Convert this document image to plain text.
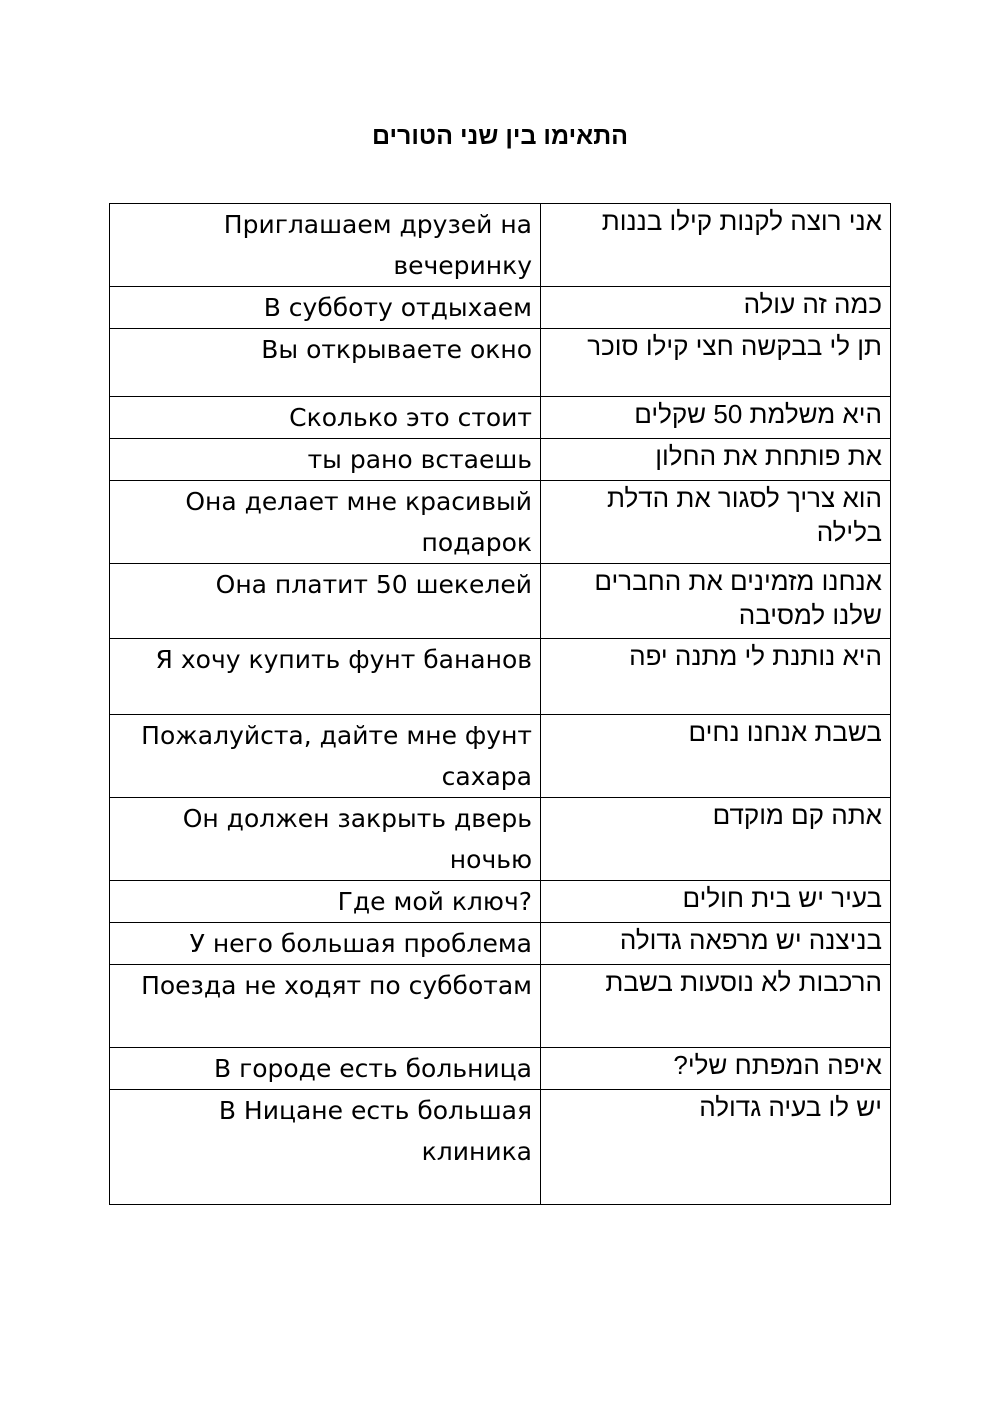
התאימו בין שני הטורים
Приглашаем друзей на вечеринку	אני רוצה לקנות קילו בננות
В субботу отдыхаем	כמה זה עולה
Вы открываете окно	תן לי בבקשה חצי קילו סוכר
Сколько это стоит	היא משלמת 50 שקלים
ты рано встаешь	את פותחת את החלון
Она делает мне красивый подарок	הוא צריך לסגור את הדלת בלילה
Она платит 50 шекелей	אנחנו מזמינים את החברים שלנו למסיבה
Я хочу купить фунт бананов	היא נותנת לי מתנה יפה
Пожалуйста, дайте мне фунт сахара	בשבת אנחנו נחים
Он должен закрыть дверь ночью	אתה קם מוקדם
Где мой ключ?	בעיר יש בית חולים
У него большая проблема	בניצנה יש מרפאה גדולה
Поезда не ходят по субботам	הרכבות לא נוסעות בשבת
В городе есть больница	איפה המפתח שלי?
В Ницане есть большая клиника	יש לו בעיה גדולה
